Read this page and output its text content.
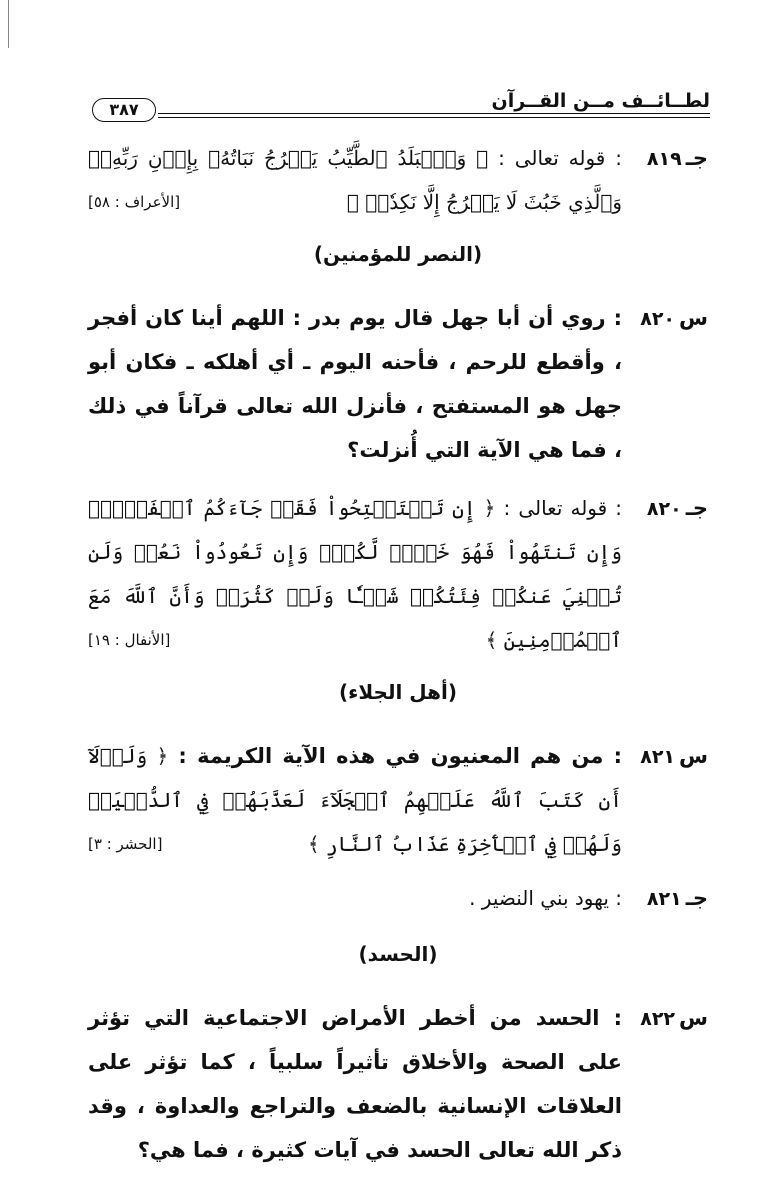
لطــائــف مــن القــرآن
٣٨٧
جـ٨١٩
: قوله تعالى : ﴿ وَٱلۡبَلَدُ ٱلطَّيِّبُ يَخۡرُجُ نَبَاتُهُۥ بِإِذۡنِ رَبِّهِۦۖ وَٱلَّذِي خَبُثَ لَا يَخۡرُجُ إِلَّا نَكِدٗاۚ ﴾
[الأعراف : ٥٨]
(النصر للمؤمنين)
س٨٢٠
: روي أن أبا جهل قال يوم بدر : اللهم أينا كان أفجر ، وأقطع للرحم ، فأحنه اليوم ـ أي أهلكه ـ فكان أبو جهل هو المستفتح ، فأنزل الله تعالى قرآناً في ذلك ، فما هي الآية التي أُنزلت؟
جـ٨٢٠
: قوله تعالى : ﴿ إِن تَسۡتَفۡتِحُواْ فَقَدۡ جَآءَكُمُ ٱلۡفَتۡحُۖ وَإِن تَنتَهُواْ فَهُوَ خَيۡرٞ لَّكُمۡۖ وَإِن تَعُودُواْ نَعُدۡ وَلَن تُغۡنِيَ عَنكُمۡ فِئَتُكُمۡ شَيۡـٔٗا وَلَوۡ كَثُرَتۡ وَأَنَّ ٱللَّهَ مَعَ ٱلۡمُؤۡمِنِينَ ﴾
[الأنفال : ١٩]
(أهل الجلاء)
س٨٢١
: من هم المعنيون في هذه الآية الكريمة : ﴿ وَلَوۡلَآ أَن كَتَبَ ٱللَّهُ عَلَيۡهِمُ ٱلۡجَلَآءَ لَعَذَّبَهُمۡ فِي ٱلدُّنۡيَاۖ وَلَهُمۡ فِي ٱلۡأٓخِرَةِ عَذَابُ ٱلنَّارِ ﴾
[الحشر : ٣]
جـ٨٢١
: يهود بني النضير .
(الحسد)
س٨٢٢
: الحسد من أخطر الأمراض الاجتماعية التي تؤثر على الصحة والأخلاق تأثيراً سلبياً ، كما تؤثر على العلاقات الإنسانية بالضعف والتراجع والعداوة ، وقد ذكر الله تعالى الحسد في آيات كثيرة ، فما هي؟
